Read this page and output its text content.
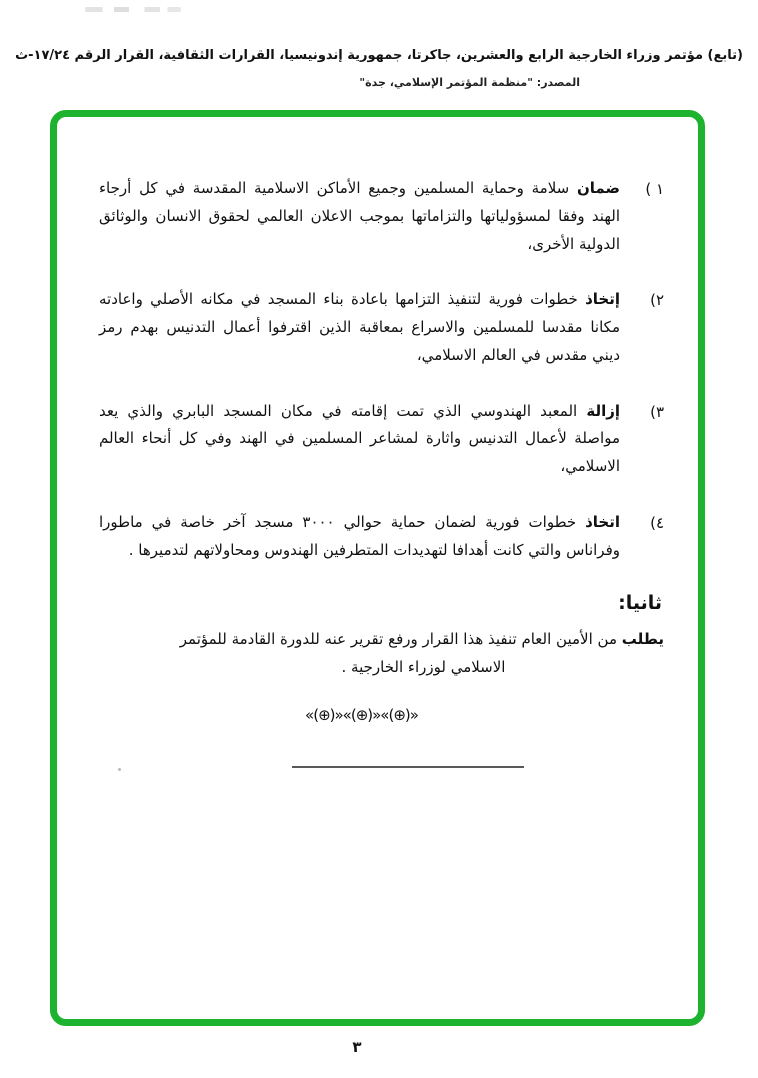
(تابع) مؤتمر وزراء الخارجية الرابع والعشرين، جاكرتا، جمهورية إندونيسيا، القرارات الثقافية، القرار الرقم ١٧/٢٤-ث
المصدر: "منظمة المؤتمر الإسلامي، جدة"
١ )
ضمان سلامة وحماية المسلمين وجميع الأماكن الاسلامية المقدسة في كل أرجاء الهند وفقا لمسؤولياتها والتزاماتها بموجب الاعلان العالمي لحقوق الانسان والوثائق الدولية الأخرى،
٢)
إتخاذ خطوات فورية لتنفيذ التزامها باعادة بناء المسجد في مكانه الأصلي واعادته مكانا مقدسا للمسلمين والاسراع بمعاقبة الذين اقترفوا أعمال التدنيس بهدم رمز ديني مقدس في العالم الاسلامي،
٣)
إزالة المعبد الهندوسي الذي تمت إقامته في مكان المسجد البابري والذي يعد مواصلة لأعمال التدنيس واثارة لمشاعر المسلمين في الهند وفي كل أنحاء العالم الاسلامي،
٤)
اتخاذ خطوات فورية لضمان حماية حوالي ٣٠٠٠ مسجد آخر خاصة في ماطورا وفراناس والتي كانت أهدافا لتهديدات المتطرفين الهندوس ومحاولاتهم لتدميرها .
ثانيا:
يطلب من الأمين العام تنفيذ هذا القرار ورفع تقرير عنه للدورة القادمة للمؤتمر
الاسلامي لوزراء الخارجية .
«(⊕)»«(⊕)»«(⊕)»
٣
